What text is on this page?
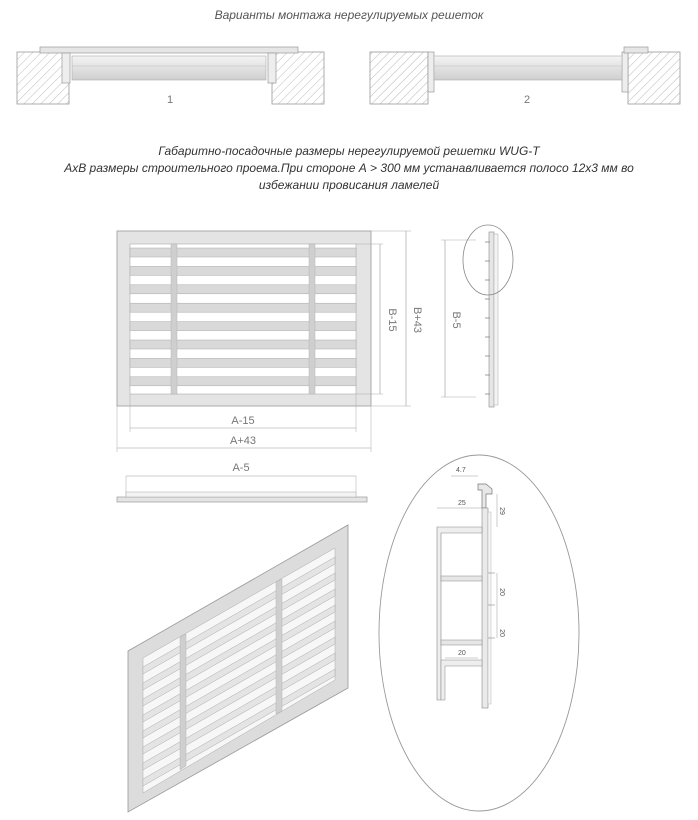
Варианты монтажа нерегулируемых решеток
Габаритно-посадочные размеры нерегулируемой решетки WUG-T
АхВ размеры строительного проема.При стороне А > 300 мм устанавливается полосо 12х3 мм во
избежании провисания ламелей
1	2
B-15 B+43
A-15
A+43
B-5
A-5	4.7
25
29
20
20
20
